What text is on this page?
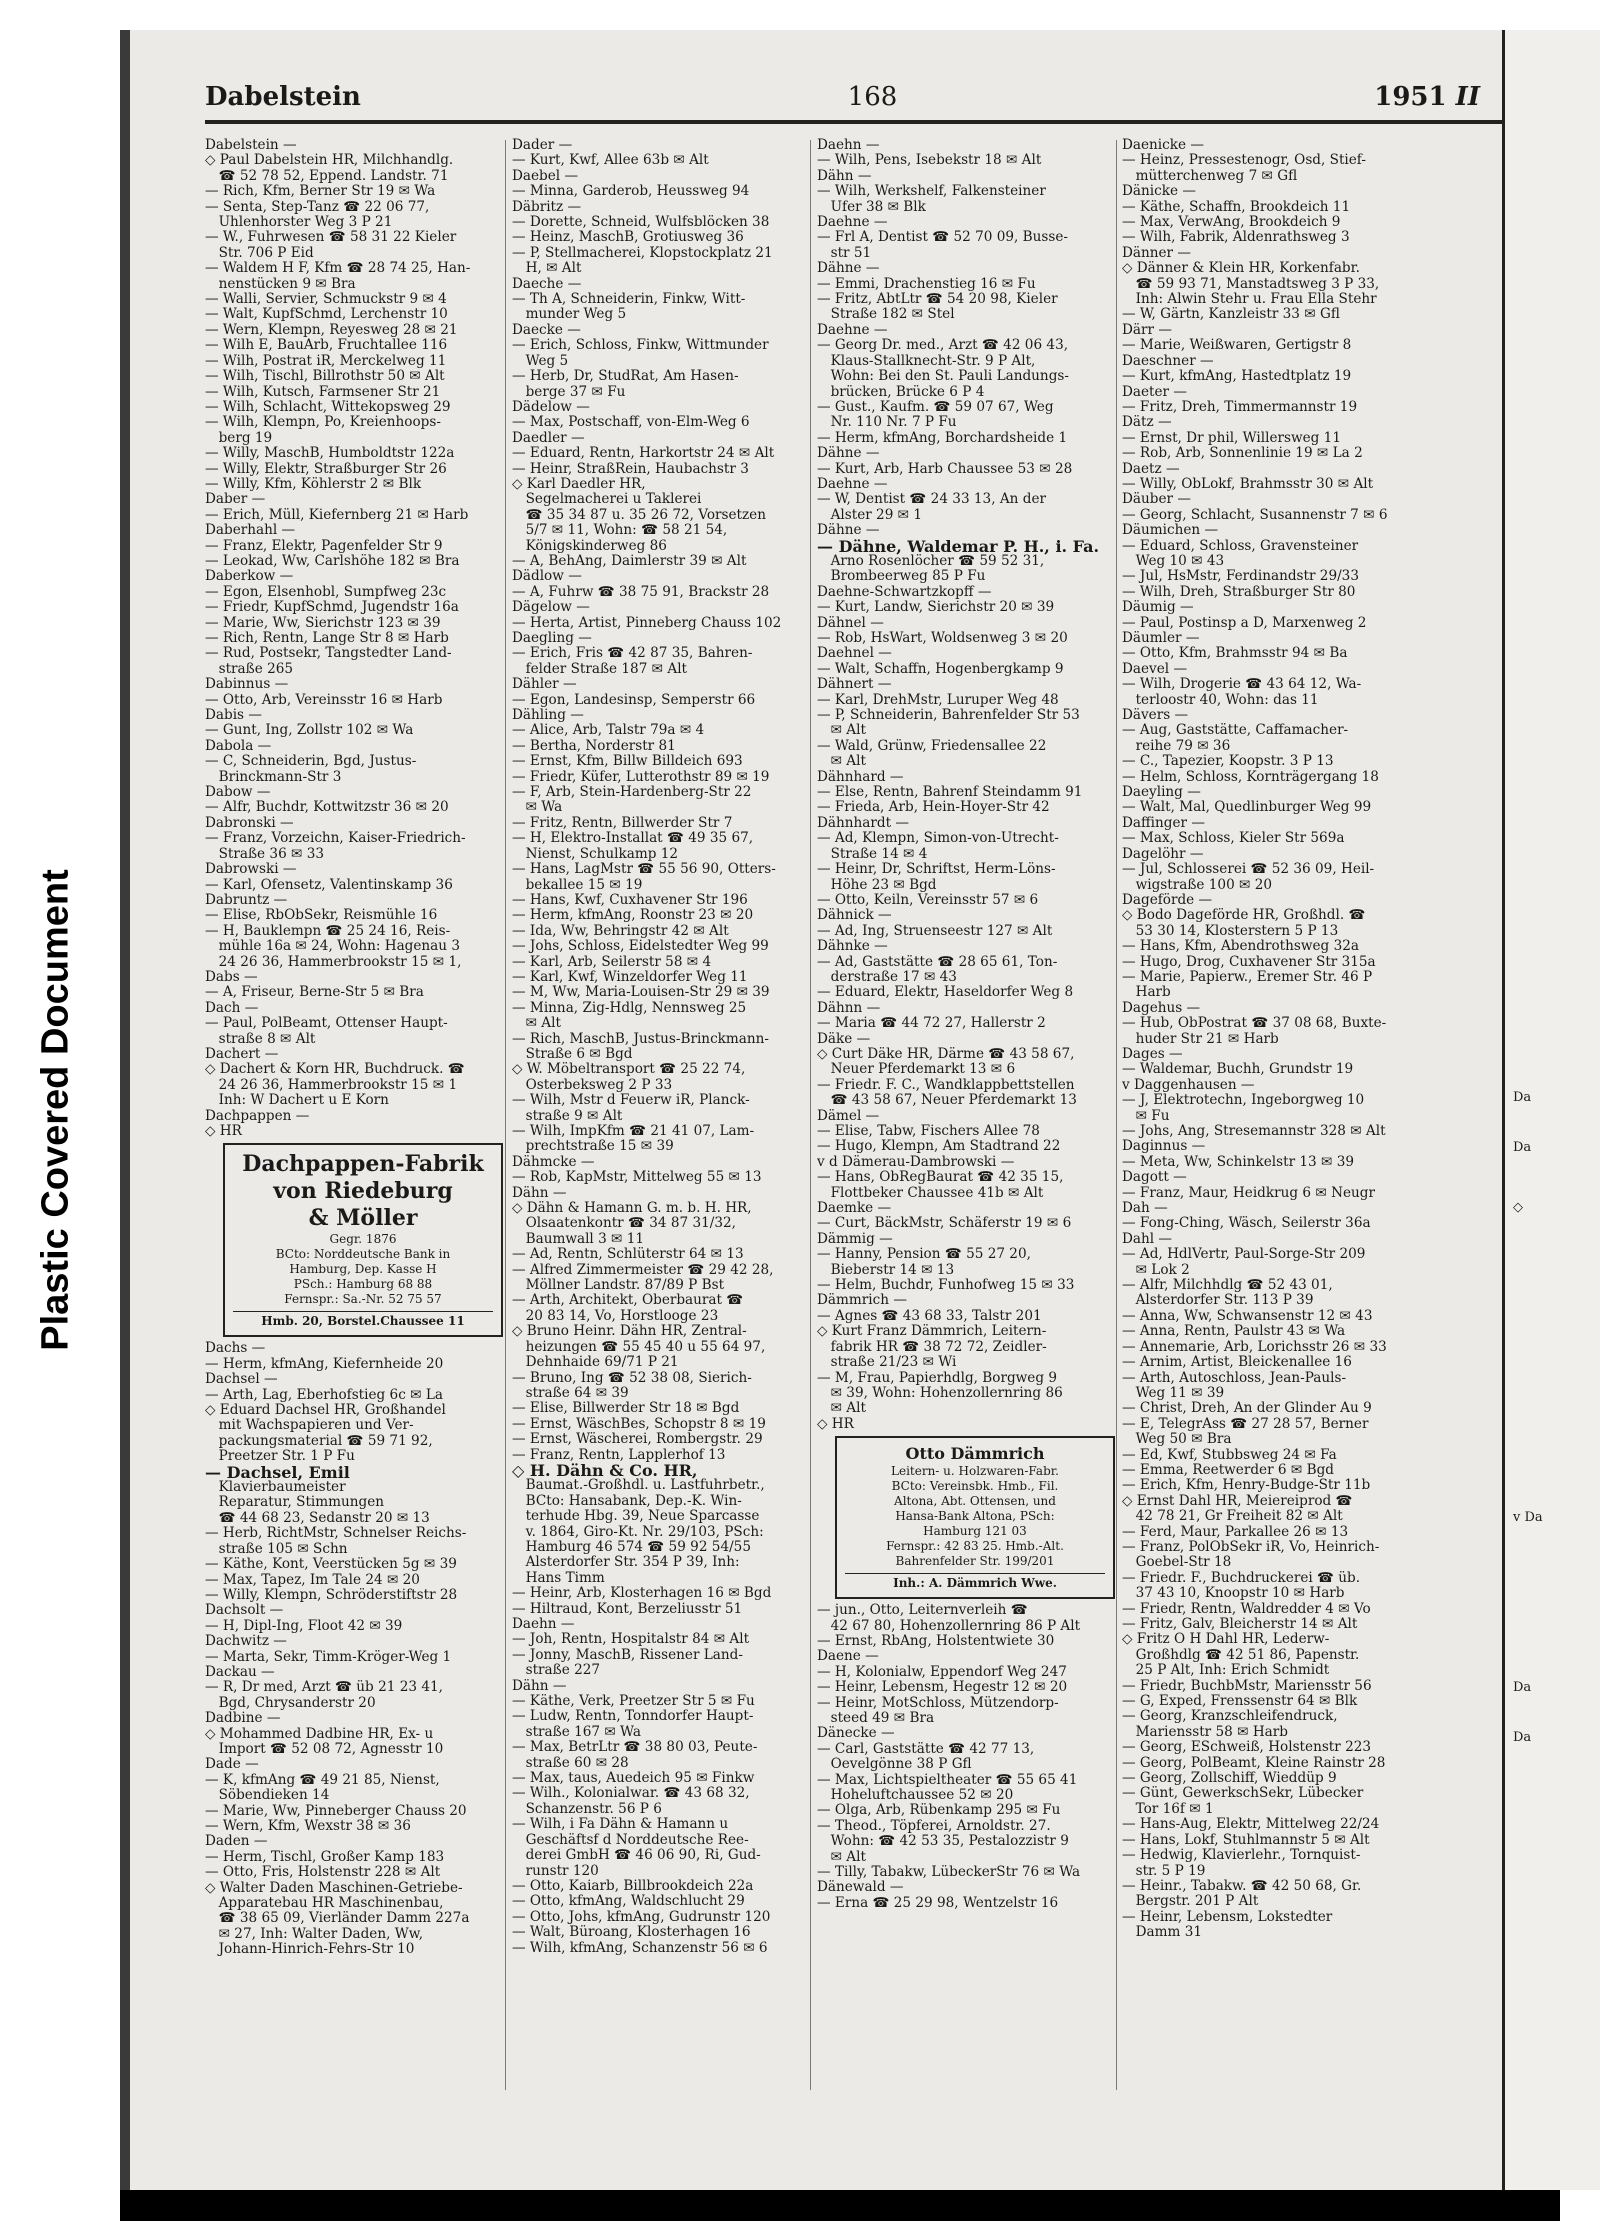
Plastic Covered Document
Dabelstein	168	1951 II

Dabelstein —

◇ Paul Dabelstein HR, Milchhandlg.

 ☎ 52 78 52, Eppend. Landstr. 71

— Rich, Kfm, Berner Str 19 ✉ Wa

— Senta, Step-Tanz ☎ 22 06 77,

 Uhlenhorster Weg 3 P 21

— W., Fuhrwesen ☎ 58 31 22 Kieler

 Str. 706 P Eid

— Waldem H F, Kfm ☎ 28 74 25, Han-

 nenstücken 9 ✉ Bra

— Walli, Servier, Schmuckstr 9 ✉ 4

— Walt, KupfSchmd, Lerchenstr 10

— Wern, Klempn, Reyesweg 28 ✉ 21

— Wilh E, BauArb, Fruchtallee 116

— Wilh, Postrat iR, Merckelweg 11

— Wilh, Tischl, Billrothstr 50 ✉ Alt

— Wilh, Kutsch, Farmsener Str 21

— Wilh, Schlacht, Wittekopsweg 29

— Wilh, Klempn, Po, Kreienhoops-

 berg 19

— Willy, MaschB, Humboldtstr 122a

— Willy, Elektr, Straßburger Str 26

— Willy, Kfm, Köhlerstr 2 ✉ Blk

Daber —

— Erich, Müll, Kiefernberg 21 ✉ Harb

Daberhahl —

— Franz, Elektr, Pagenfelder Str 9

— Leokad, Ww, Carlshöhe 182 ✉ Bra

Daberkow —

— Egon, Elsenhobl, Sumpfweg 23c

— Friedr, KupfSchmd, Jugendstr 16a

— Marie, Ww, Sierichstr 123 ✉ 39

— Rich, Rentn, Lange Str 8 ✉ Harb

— Rud, Postsekr, Tangstedter Land-

 straße 265

Dabinnus —

— Otto, Arb, Vereinsstr 16 ✉ Harb

Dabis —

— Gunt, Ing, Zollstr 102 ✉ Wa

Dabola —

— C, Schneiderin, Bgd, Justus-

 Brinckmann-Str 3

Dabow —

— Alfr, Buchdr, Kottwitzstr 36 ✉ 20

Dabronski —

— Franz, Vorzeichn, Kaiser-Friedrich-

 Straße 36 ✉ 33

Dabrowski —

— Karl, Ofensetz, Valentinskamp 36

Dabruntz —

— Elise, RbObSekr, Reismühle 16

— H, Bauklempn ☎ 25 24 16, Reis-

 mühle 16a ✉ 24, Wohn: Hagenau 3

 24 26 36, Hammerbrookstr 15 ✉ 1,

Dabs —

— A, Friseur, Berne-Str 5 ✉ Bra

Dach —

— Paul, PolBeamt, Ottenser Haupt-

 straße 8 ✉ Alt

Dachert —

◇ Dachert & Korn HR, Buchdruck. ☎

 24 26 36, Hammerbrookstr 15 ✉ 1

 Inh: W Dachert u E Korn

Dachpappen —

◇ HR

Dachpappen-Fabrik
von Riedeburg
& Möller
Gegr. 1876
BCto: Norddeutsche Bank in
Hamburg, Dep. Kasse H
PSch.: Hamburg 68 88
Fernspr.: Sa.-Nr. 52 75 57
Hmb. 20, Borstel.Chaussee 11

Dachs —

— Herm, kfmAng, Kiefernheide 20

Dachsel —

— Arth, Lag, Eberhofstieg 6c ✉ La

◇ Eduard Dachsel HR, Großhandel

 mit Wachspapieren und Ver-

 packungsmaterial ☎ 59 71 92,

 Preetzer Str. 1 P Fu

— Dachsel, Emil

 Klavierbaumeister

 Reparatur, Stimmungen

 ☎ 44 68 23, Sedanstr 20 ✉ 13

— Herb, RichtMstr, Schnelser Reichs-

 straße 105 ✉ Schn

— Käthe, Kont, Veerstücken 5g ✉ 39

— Max, Tapez, Im Tale 24 ✉ 20

— Willy, Klempn, Schröderstiftstr 28

Dachsolt —

— H, Dipl-Ing, Floot 42 ✉ 39

Dachwitz —

— Marta, Sekr, Timm-Kröger-Weg 1

Dackau —

— R, Dr med, Arzt ☎ üb 21 23 41,

 Bgd, Chrysanderstr 20

Dadbine —

◇ Mohammed Dadbine HR, Ex- u

 Import ☎ 52 08 72, Agnesstr 10

Dade —

— K, kfmAng ☎ 49 21 85, Nienst,

 Söbendieken 14

— Marie, Ww, Pinneberger Chauss 20

— Wern, Kfm, Wexstr 38 ✉ 36

Daden —

— Herm, Tischl, Großer Kamp 183

— Otto, Fris, Holstenstr 228 ✉ Alt

◇ Walter Daden Maschinen-Getriebe-

 Apparatebau HR Maschinenbau,

 ☎ 38 65 09, Vierländer Damm 227a

 ✉ 27, Inh: Walter Daden, Ww,

 Johann-Hinrich-Fehrs-Str 10

Dader —

— Kurt, Kwf, Allee 63b ✉ Alt

Daebel —

— Minna, Garderob, Heussweg 94

Däbritz —

— Dorette, Schneid, Wulfsblöcken 38

— Heinz, MaschB, Grotiusweg 36

— P, Stellmacherei, Klopstockplatz 21

 H, ✉ Alt

Daeche —

— Th A, Schneiderin, Finkw, Witt-

 munder Weg 5

Daecke —

— Erich, Schloss, Finkw, Wittmunder

 Weg 5

— Herb, Dr, StudRat, Am Hasen-

 berge 37 ✉ Fu

Dädelow —

— Max, Postschaff, von-Elm-Weg 6

Daedler —

— Eduard, Rentn, Harkortstr 24 ✉ Alt

— Heinr, StraßRein, Haubachstr 3

◇ Karl Daedler HR,

 Segelmacherei u Taklerei

 ☎ 35 34 87 u. 35 26 72, Vorsetzen

 5/7 ✉ 11, Wohn: ☎ 58 21 54,

 Königskinderweg 86

— A, BehAng, Daimlerstr 39 ✉ Alt

Dädlow —

— A, Fuhrw ☎ 38 75 91, Brackstr 28

Dägelow —

— Herta, Artist, Pinneberg Chauss 102

Daegling —

— Erich, Fris ☎ 42 87 35, Bahren-

 felder Straße 187 ✉ Alt

Dähler —

— Egon, Landesinsp, Semperstr 66

Dähling —

— Alice, Arb, Talstr 79a ✉ 4

— Bertha, Norderstr 81

— Ernst, Kfm, Billw Billdeich 693

— Friedr, Küfer, Lutterothstr 89 ✉ 19

— F, Arb, Stein-Hardenberg-Str 22

 ✉ Wa

— Fritz, Rentn, Billwerder Str 7

— H, Elektro-Installat ☎ 49 35 67,

 Nienst, Schulkamp 12

— Hans, LagMstr ☎ 55 56 90, Otters-

 bekallee 15 ✉ 19

— Hans, Kwf, Cuxhavener Str 196

— Herm, kfmAng, Roonstr 23 ✉ 20

— Ida, Ww, Behringstr 42 ✉ Alt

— Johs, Schloss, Eidelstedter Weg 99

— Karl, Arb, Seilerstr 58 ✉ 4

— Karl, Kwf, Winzeldorfer Weg 11

— M, Ww, Maria-Louisen-Str 29 ✉ 39

— Minna, Zig-Hdlg, Nennsweg 25

 ✉ Alt

— Rich, MaschB, Justus-Brinckmann-

 Straße 6 ✉ Bgd

◇ W. Möbeltransport ☎ 25 22 74,

 Osterbeksweg 2 P 33

— Wilh, Mstr d Feuerw iR, Planck-

 straße 9 ✉ Alt

— Wilh, ImpKfm ☎ 21 41 07, Lam-

 prechtstraße 15 ✉ 39

Dähmcke —

— Rob, KapMstr, Mittelweg 55 ✉ 13

Dähn —

◇ Dähn & Hamann G. m. b. H. HR,

 Olsaatenkontr ☎ 34 87 31/32,

 Baumwall 3 ✉ 11

— Ad, Rentn, Schlüterstr 64 ✉ 13

— Alfred Zimmermeister ☎ 29 42 28,

 Möllner Landstr. 87/89 P Bst

— Arth, Architekt, Oberbaurat ☎

 20 83 14, Vo, Horstlooge 23

◇ Bruno Heinr. Dähn HR, Zentral-

 heizungen ☎ 55 45 40 u 55 64 97,

 Dehnhaide 69/71 P 21

— Bruno, Ing ☎ 52 38 08, Sierich-

 straße 64 ✉ 39

— Elise, Billwerder Str 18 ✉ Bgd

— Ernst, WäschBes, Schopstr 8 ✉ 19

— Ernst, Wäscherei, Rombergstr. 29

— Franz, Rentn, Lapplerhof 13

◇ H. Dähn & Co. HR,

 Baumat.-Großhdl. u. Lastfuhrbetr.,

 BCto: Hansabank, Dep.-K. Win-

 terhude Hbg. 39, Neue Sparcasse

 v. 1864, Giro-Kt. Nr. 29/103, PSch:

 Hamburg 46 574 ☎ 59 92 54/55

 Alsterdorfer Str. 354 P 39, Inh:

 Hans Timm

— Heinr, Arb, Klosterhagen 16 ✉ Bgd

— Hiltraud, Kont, Berzeliusstr 51

Daehn —

— Joh, Rentn, Hospitalstr 84 ✉ Alt

— Jonny, MaschB, Rissener Land-

 straße 227

Dähn —

— Käthe, Verk, Preetzer Str 5 ✉ Fu

— Ludw, Rentn, Tonndorfer Haupt-

 straße 167 ✉ Wa

— Max, BetrLtr ☎ 38 80 03, Peute-

 straße 60 ✉ 28

— Max, taus, Auedeich 95 ✉ Finkw

— Wilh., Kolonialwar. ☎ 43 68 32,

 Schanzenstr. 56 P 6

— Wilh, i Fa Dähn & Hamann u

 Geschäftsf d Norddeutsche Ree-

 derei GmbH ☎ 46 06 90, Ri, Gud-

 runstr 120

— Otto, Kaiarb, Billbrookdeich 22a

— Otto, kfmAng, Waldschlucht 29

— Otto, Johs, kfmAng, Gudrunstr 120

— Walt, Büroang, Klosterhagen 16

— Wilh, kfmAng, Schanzenstr 56 ✉ 6

Daehn —

— Wilh, Pens, Isebekstr 18 ✉ Alt

Dähn —

— Wilh, Werkshelf, Falkensteiner

 Ufer 38 ✉ Blk

Daehne —

— Frl A, Dentist ☎ 52 70 09, Busse-

 str 51

Dähne —

— Emmi, Drachenstieg 16 ✉ Fu

— Fritz, AbtLtr ☎ 54 20 98, Kieler

 Straße 182 ✉ Stel

Daehne —

— Georg Dr. med., Arzt ☎ 42 06 43,

 Klaus-Stallknecht-Str. 9 P Alt,

 Wohn: Bei den St. Pauli Landungs-

 brücken, Brücke 6 P 4

— Gust., Kaufm. ☎ 59 07 67, Weg

 Nr. 110 Nr. 7 P Fu

— Herm, kfmAng, Borchardsheide 1

Dähne —

— Kurt, Arb, Harb Chaussee 53 ✉ 28

Daehne —

— W, Dentist ☎ 24 33 13, An der

 Alster 29 ✉ 1

Dähne —

— Dähne, Waldemar P. H., i. Fa.

 Arno Rosenlöcher ☎ 59 52 31,

 Brombeerweg 85 P Fu

Daehne-Schwartzkopff —

— Kurt, Landw, Sierichstr 20 ✉ 39

Dähnel —

— Rob, HsWart, Woldsenweg 3 ✉ 20

Daehnel —

— Walt, Schaffn, Hogenbergkamp 9

Dähnert —

— Karl, DrehMstr, Luruper Weg 48

— P, Schneiderin, Bahrenfelder Str 53

 ✉ Alt

— Wald, Grünw, Friedensallee 22

 ✉ Alt

Dähnhard —

— Else, Rentn, Bahrenf Steindamm 91

— Frieda, Arb, Hein-Hoyer-Str 42

Dähnhardt —

— Ad, Klempn, Simon-von-Utrecht-

 Straße 14 ✉ 4

— Heinr, Dr, Schriftst, Herm-Löns-

 Höhe 23 ✉ Bgd

— Otto, Keiln, Vereinsstr 57 ✉ 6

Dähnick —

— Ad, Ing, Struenseestr 127 ✉ Alt

Dähnke —

— Ad, Gaststätte ☎ 28 65 61, Ton-

 derstraße 17 ✉ 43

— Eduard, Elektr, Haseldorfer Weg 8

Dähnn —

— Maria ☎ 44 72 27, Hallerstr 2

Däke —

◇ Curt Däke HR, Därme ☎ 43 58 67,

 Neuer Pferdemarkt 13 ✉ 6

— Friedr. F. C., Wandklappbettstellen

 ☎ 43 58 67, Neuer Pferdemarkt 13

Dämel —

— Elise, Tabw, Fischers Allee 78

— Hugo, Klempn, Am Stadtrand 22

v d Dämerau-Dambrowski —

— Hans, ObRegBaurat ☎ 42 35 15,

 Flottbeker Chaussee 41b ✉ Alt

Daemke —

— Curt, BäckMstr, Schäferstr 19 ✉ 6

Dämmig —

— Hanny, Pension ☎ 55 27 20,

 Bieberstr 14 ✉ 13

— Helm, Buchdr, Funhofweg 15 ✉ 33

Dämmrich —

— Agnes ☎ 43 68 33, Talstr 201

◇ Kurt Franz Dämmrich, Leitern-

 fabrik HR ☎ 38 72 72, Zeidler-

 straße 21/23 ✉ Wi

— M, Frau, Papierhdlg, Borgweg 9

 ✉ 39, Wohn: Hohenzollernring 86

 ✉ Alt

◇ HR

Otto Dämmrich
Leitern- u. Holzwaren-Fabr.
BCto: Vereinsbk. Hmb., Fil.
Altona, Abt. Ottensen, und
Hansa-Bank Altona, PSch:
Hamburg 121 03
Fernspr.: 42 83 25. Hmb.-Alt.
Bahrenfelder Str. 199/201
Inh.: A. Dämmrich Wwe.

— jun., Otto, Leiternverleih ☎

 42 67 80, Hohenzollernring 86 P Alt

— Ernst, RbAng, Holstentwiete 30

Daene —

— H, Kolonialw, Eppendorf Weg 247

— Heinr, Lebensm, Hegestr 12 ✉ 20

— Heinr, MotSchloss, Mützendorp-

 steed 49 ✉ Bra

Dänecke —

— Carl, Gaststätte ☎ 42 77 13,

 Oevelgönne 38 P Gfl

— Max, Lichtspieltheater ☎ 55 65 41

 Hoheluftchaussee 52 ✉ 20

— Olga, Arb, Rübenkamp 295 ✉ Fu

— Theod., Töpferei, Arnoldstr. 27.

 Wohn: ☎ 42 53 35, Pestalozzistr 9

 ✉ Alt

— Tilly, Tabakw, LübeckerStr 76 ✉ Wa

Dänewald —

— Erna ☎ 25 29 98, Wentzelstr 16

Daenicke —

— Heinz, Pressestenogr, Osd, Stief-

 mütterchenweg 7 ✉ Gfl

Dänicke —

— Käthe, Schaffn, Brookdeich 11

— Max, VerwAng, Brookdeich 9

— Wilh, Fabrik, Aldenrathsweg 3

Dänner —

◇ Dänner & Klein HR, Korkenfabr.

 ☎ 59 93 71, Manstadtsweg 3 P 33,

 Inh: Alwin Stehr u. Frau Ella Stehr

— W, Gärtn, Kanzleistr 33 ✉ Gfl

Därr —

— Marie, Weißwaren, Gertigstr 8

Daeschner —

— Kurt, kfmAng, Hastedtplatz 19

Daeter —

— Fritz, Dreh, Timmermannstr 19

Dätz —

— Ernst, Dr phil, Willersweg 11

— Rob, Arb, Sonnenlinie 19 ✉ La 2

Daetz —

— Willy, ObLokf, Brahmsstr 30 ✉ Alt

Däuber —

— Georg, Schlacht, Susannenstr 7 ✉ 6

Däumichen —

— Eduard, Schloss, Gravensteiner

 Weg 10 ✉ 43

— Jul, HsMstr, Ferdinandstr 29/33

— Wilh, Dreh, Straßburger Str 80

Däumig —

— Paul, Postinsp a D, Marxenweg 2

Däumler —

— Otto, Kfm, Brahmsstr 94 ✉ Ba

Daevel —

— Wilh, Drogerie ☎ 43 64 12, Wa-

 terloostr 40, Wohn: das 11

Dävers —

— Aug, Gaststätte, Caffamacher-

 reihe 79 ✉ 36

— C., Tapezier, Koopstr. 3 P 13

— Helm, Schloss, Kornträgergang 18

Daeyling —

— Walt, Mal, Quedlinburger Weg 99

Daffinger —

— Max, Schloss, Kieler Str 569a

Dagelöhr —

— Jul, Schlosserei ☎ 52 36 09, Heil-

 wigstraße 100 ✉ 20

Dageförde —

◇ Bodo Dageförde HR, Großhdl. ☎

 53 30 14, Klosterstern 5 P 13

— Hans, Kfm, Abendrothsweg 32a

— Hugo, Drog, Cuxhavener Str 315a

— Marie, Papierw., Eremer Str. 46 P

 Harb

Dagehus —

— Hub, ObPostrat ☎ 37 08 68, Buxte-

 huder Str 21 ✉ Harb

Dages —

— Waldemar, Buchh, Grundstr 19

v Daggenhausen —

— J, Elektrotechn, Ingeborgweg 10

 ✉ Fu

— Johs, Ang, Stresemannstr 328 ✉ Alt

Daginnus —

— Meta, Ww, Schinkelstr 13 ✉ 39

Dagott —

— Franz, Maur, Heidkrug 6 ✉ Neugr

Dah —

— Fong-Ching, Wäsch, Seilerstr 36a

Dahl —

— Ad, HdlVertr, Paul-Sorge-Str 209

 ✉ Lok 2

— Alfr, Milchhdlg ☎ 52 43 01,

 Alsterdorfer Str. 113 P 39

— Anna, Ww, Schwansenstr 12 ✉ 43

— Anna, Rentn, Paulstr 43 ✉ Wa

— Annemarie, Arb, Lorichsstr 26 ✉ 33

— Arnim, Artist, Bleickenallee 16

— Arth, Autoschloss, Jean-Pauls-

 Weg 11 ✉ 39

— Christ, Dreh, An der Glinder Au 9

— E, TelegrAss ☎ 27 28 57, Berner

 Weg 50 ✉ Bra

— Ed, Kwf, Stubbsweg 24 ✉ Fa

— Emma, Reetwerder 6 ✉ Bgd

— Erich, Kfm, Henry-Budge-Str 11b

◇ Ernst Dahl HR, Meiereiprod ☎

 42 78 21, Gr Freiheit 82 ✉ Alt

— Ferd, Maur, Parkallee 26 ✉ 13

— Franz, PolObSekr iR, Vo, Heinrich-

 Goebel-Str 18

— Friedr. F., Buchdruckerei ☎ üb.

 37 43 10, Knoopstr 10 ✉ Harb

— Friedr, Rentn, Waldredder 4 ✉ Vo

— Fritz, Galv, Bleicherstr 14 ✉ Alt

◇ Fritz O H Dahl HR, Lederw-

 Großhdlg ☎ 42 51 86, Papenstr.

 25 P Alt, Inh: Erich Schmidt

— Friedr, BuchbMstr, Mariensstr 56

— G, Exped, Frenssenstr 64 ✉ Blk

— Georg, Kranzschleifendruck,

 Mariensstr 58 ✉ Harb

— Georg, ESchweiß, Holstenstr 223

— Georg, PolBeamt, Kleine Rainstr 28

— Georg, Zollschiff, Wieddüp 9

— Günt, GewerkschSekr, Lübecker

 Tor 16f ✉ 1

— Hans-Aug, Elektr, Mittelweg 22/24

— Hans, Lokf, Stuhlmannstr 5 ✉ Alt

— Hedwig, Klavierlehr., Tornquist-

 str. 5 P 19

— Heinr., Tabakw. ☎ 42 50 68, Gr.

 Bergstr. 201 P Alt

— Heinr, Lebensm, Lokstedter

 Damm 31

Da
Da
v Da
Da
Da
◇
